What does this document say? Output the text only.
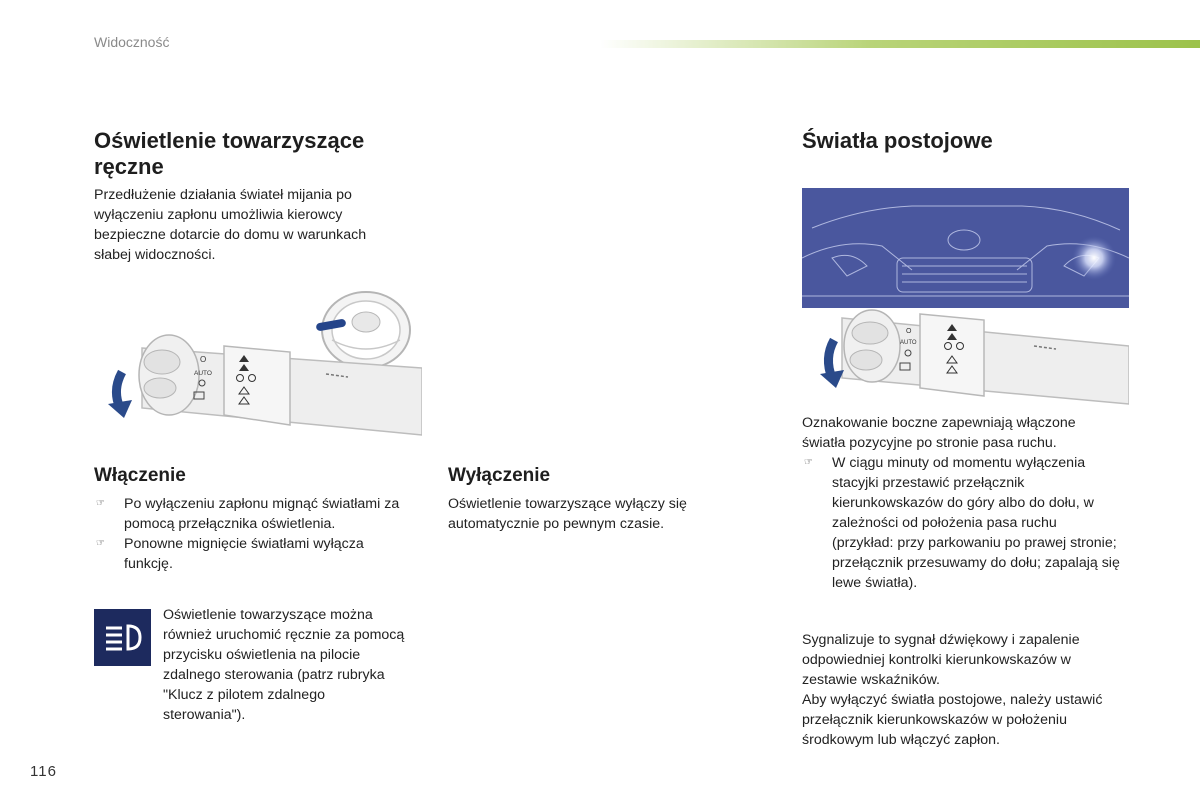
Widoczność
Oświetlenie towarzyszące ręczne

Przedłużenie działania świateł mijania po wyłączeniu zapłonu umożliwia kierowcy bezpieczne dotarcie do domu w warunkach słabej widoczności.

O
AUTO
Włączenie
☞	Po wyłączeniu zapłonu mignąć światłami za pomocą przełącznika oświetlenia.
☞	Ponowne mignięcie światłami wyłącza funkcję.

Oświetlenie towarzyszące można również uruchomić ręcznie za pomocą przycisku oświetlenia na pilocie zdalnego sterowania (patrz rubryka "Klucz z pilotem zdalnego sterowania").

Wyłączenie

Oświetlenie towarzyszące wyłączy się automatycznie po pewnym czasie.

Światła postojowe
O
AUTO

Oznakowanie boczne zapewniają włączone światła pozycyjne po stronie pasa ruchu.

☞	W ciągu minuty od momentu wyłączenia stacyjki przestawić przełącznik kierunkowskazów do góry albo do dołu, w zależności od położenia pasa ruchu (przykład: przy parkowaniu po prawej stronie; przełącznik przesuwamy do dołu; zapalają się lewe światła).

Sygnalizuje to sygnał dźwiękowy i zapalenie odpowiedniej kontrolki kierunkowskazów w zestawie wskaźników.
Aby wyłączyć światła postojowe, należy ustawić przełącznik kierunkowskazów w położeniu środkowym lub włączyć zapłon.

116
